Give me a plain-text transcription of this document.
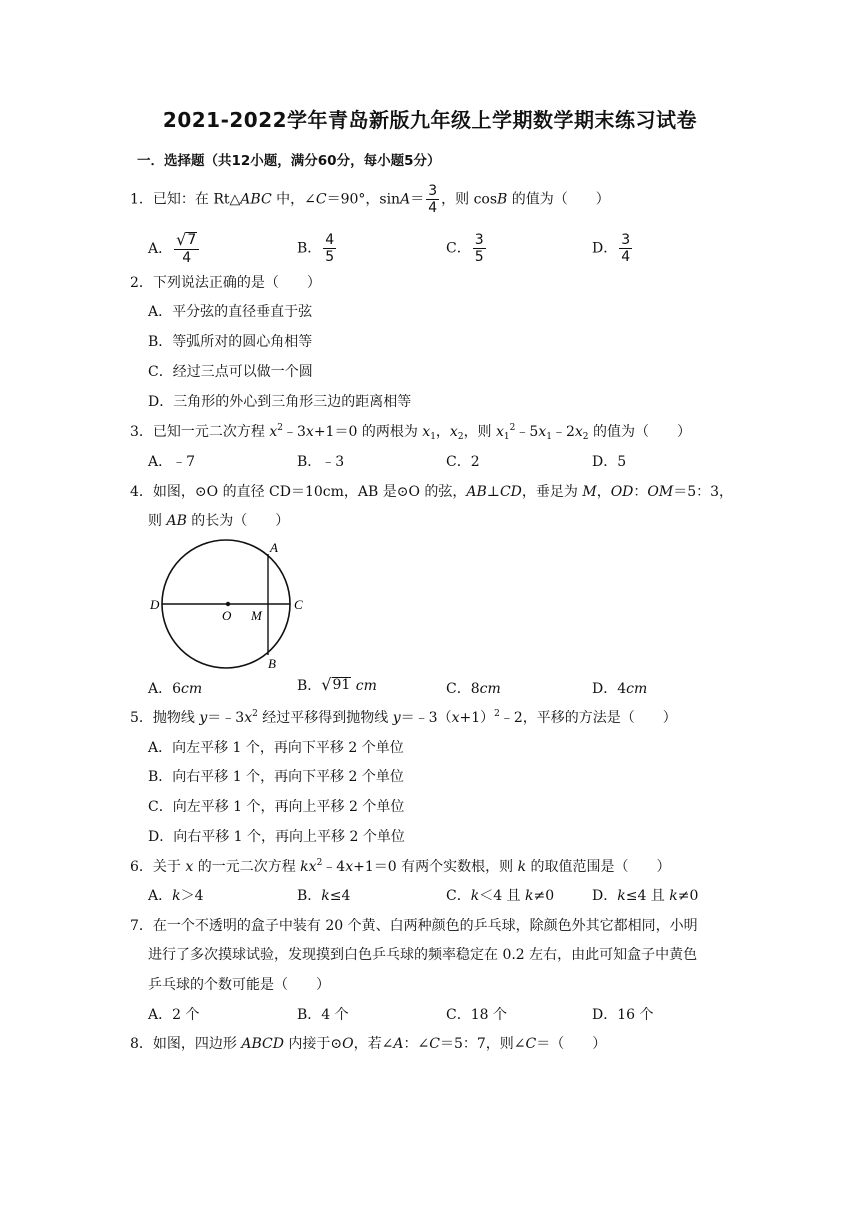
2021-2022学年青岛新版九年级上学期数学期末练习试卷
一．选择题（共12小题，满分60分，每小题5分）
1．已知：在 Rt△ABC 中，∠C＝90°，$\sin A= \frac{3}{4}$ ，则 cosB 的值为（　　）
A． $\frac{√ 7}{4}$	B． $\frac{4}{5}$	C． $\frac{3}{5}$	D． $\frac{3}{4}$
2．下列说法正确的是（　　）
A．平分弦的直径垂直于弦
B．等弧所对的圆心角相等
C．经过三点可以做一个圆
D．三角形的外心到三角形三边的距离相等
3．已知一元二次方程 $x^2﹣3x+1=0$ 的两根为 $x_1$，$x_2$，则 $x_1^2﹣5x_1﹣2x_2$ 的值为（　　）
A．﹣7	B．﹣3	C．2	D．5
4．如图，⊙O 的直径 CD＝10cm，AB 是⊙O 的弦，AB⊥CD，垂足为 M，OD：OM＝5：3，
则 AB 的长为（　　）
D	C
A
B
O M
A．6cm	B． √ 91 cm	C．8cm	D．4cm
5．抛物线 $y=﹣3x^2$ 经过平移得到抛物线 $y=﹣3(x+1)^2﹣2$，平移的方法是（　　）
A．向左平移 1 个，再向下平移 2 个单位
B．向右平移 1 个，再向下平移 2 个单位
C．向左平移 1 个，再向上平移 2 个单位
D．向右平移 1 个，再向上平移 2 个单位
6．关于 x 的一元二次方程 $kx^2﹣4x+1=0$ 有两个实数根，则 k 的取值范围是（　　）
A．k＞4	B．k≤4	C．k＜4 且 k≠0	D．k≤4 且 k≠0
7．在一个不透明的盒子中装有 20 个黄、白两种颜色的乒乓球，除颜色外其它都相同，小明
进行了多次摸球试验，发现摸到白色乒乓球的频率稳定在 0.2 左右，由此可知盒子中黄色
乒乓球的个数可能是（　　）
A．2 个	B．4 个	C．18 个	D．16 个
8．如图，四边形 ABCD 内接于⊙O，若∠A：∠C＝5：7，则∠C＝（　　）
